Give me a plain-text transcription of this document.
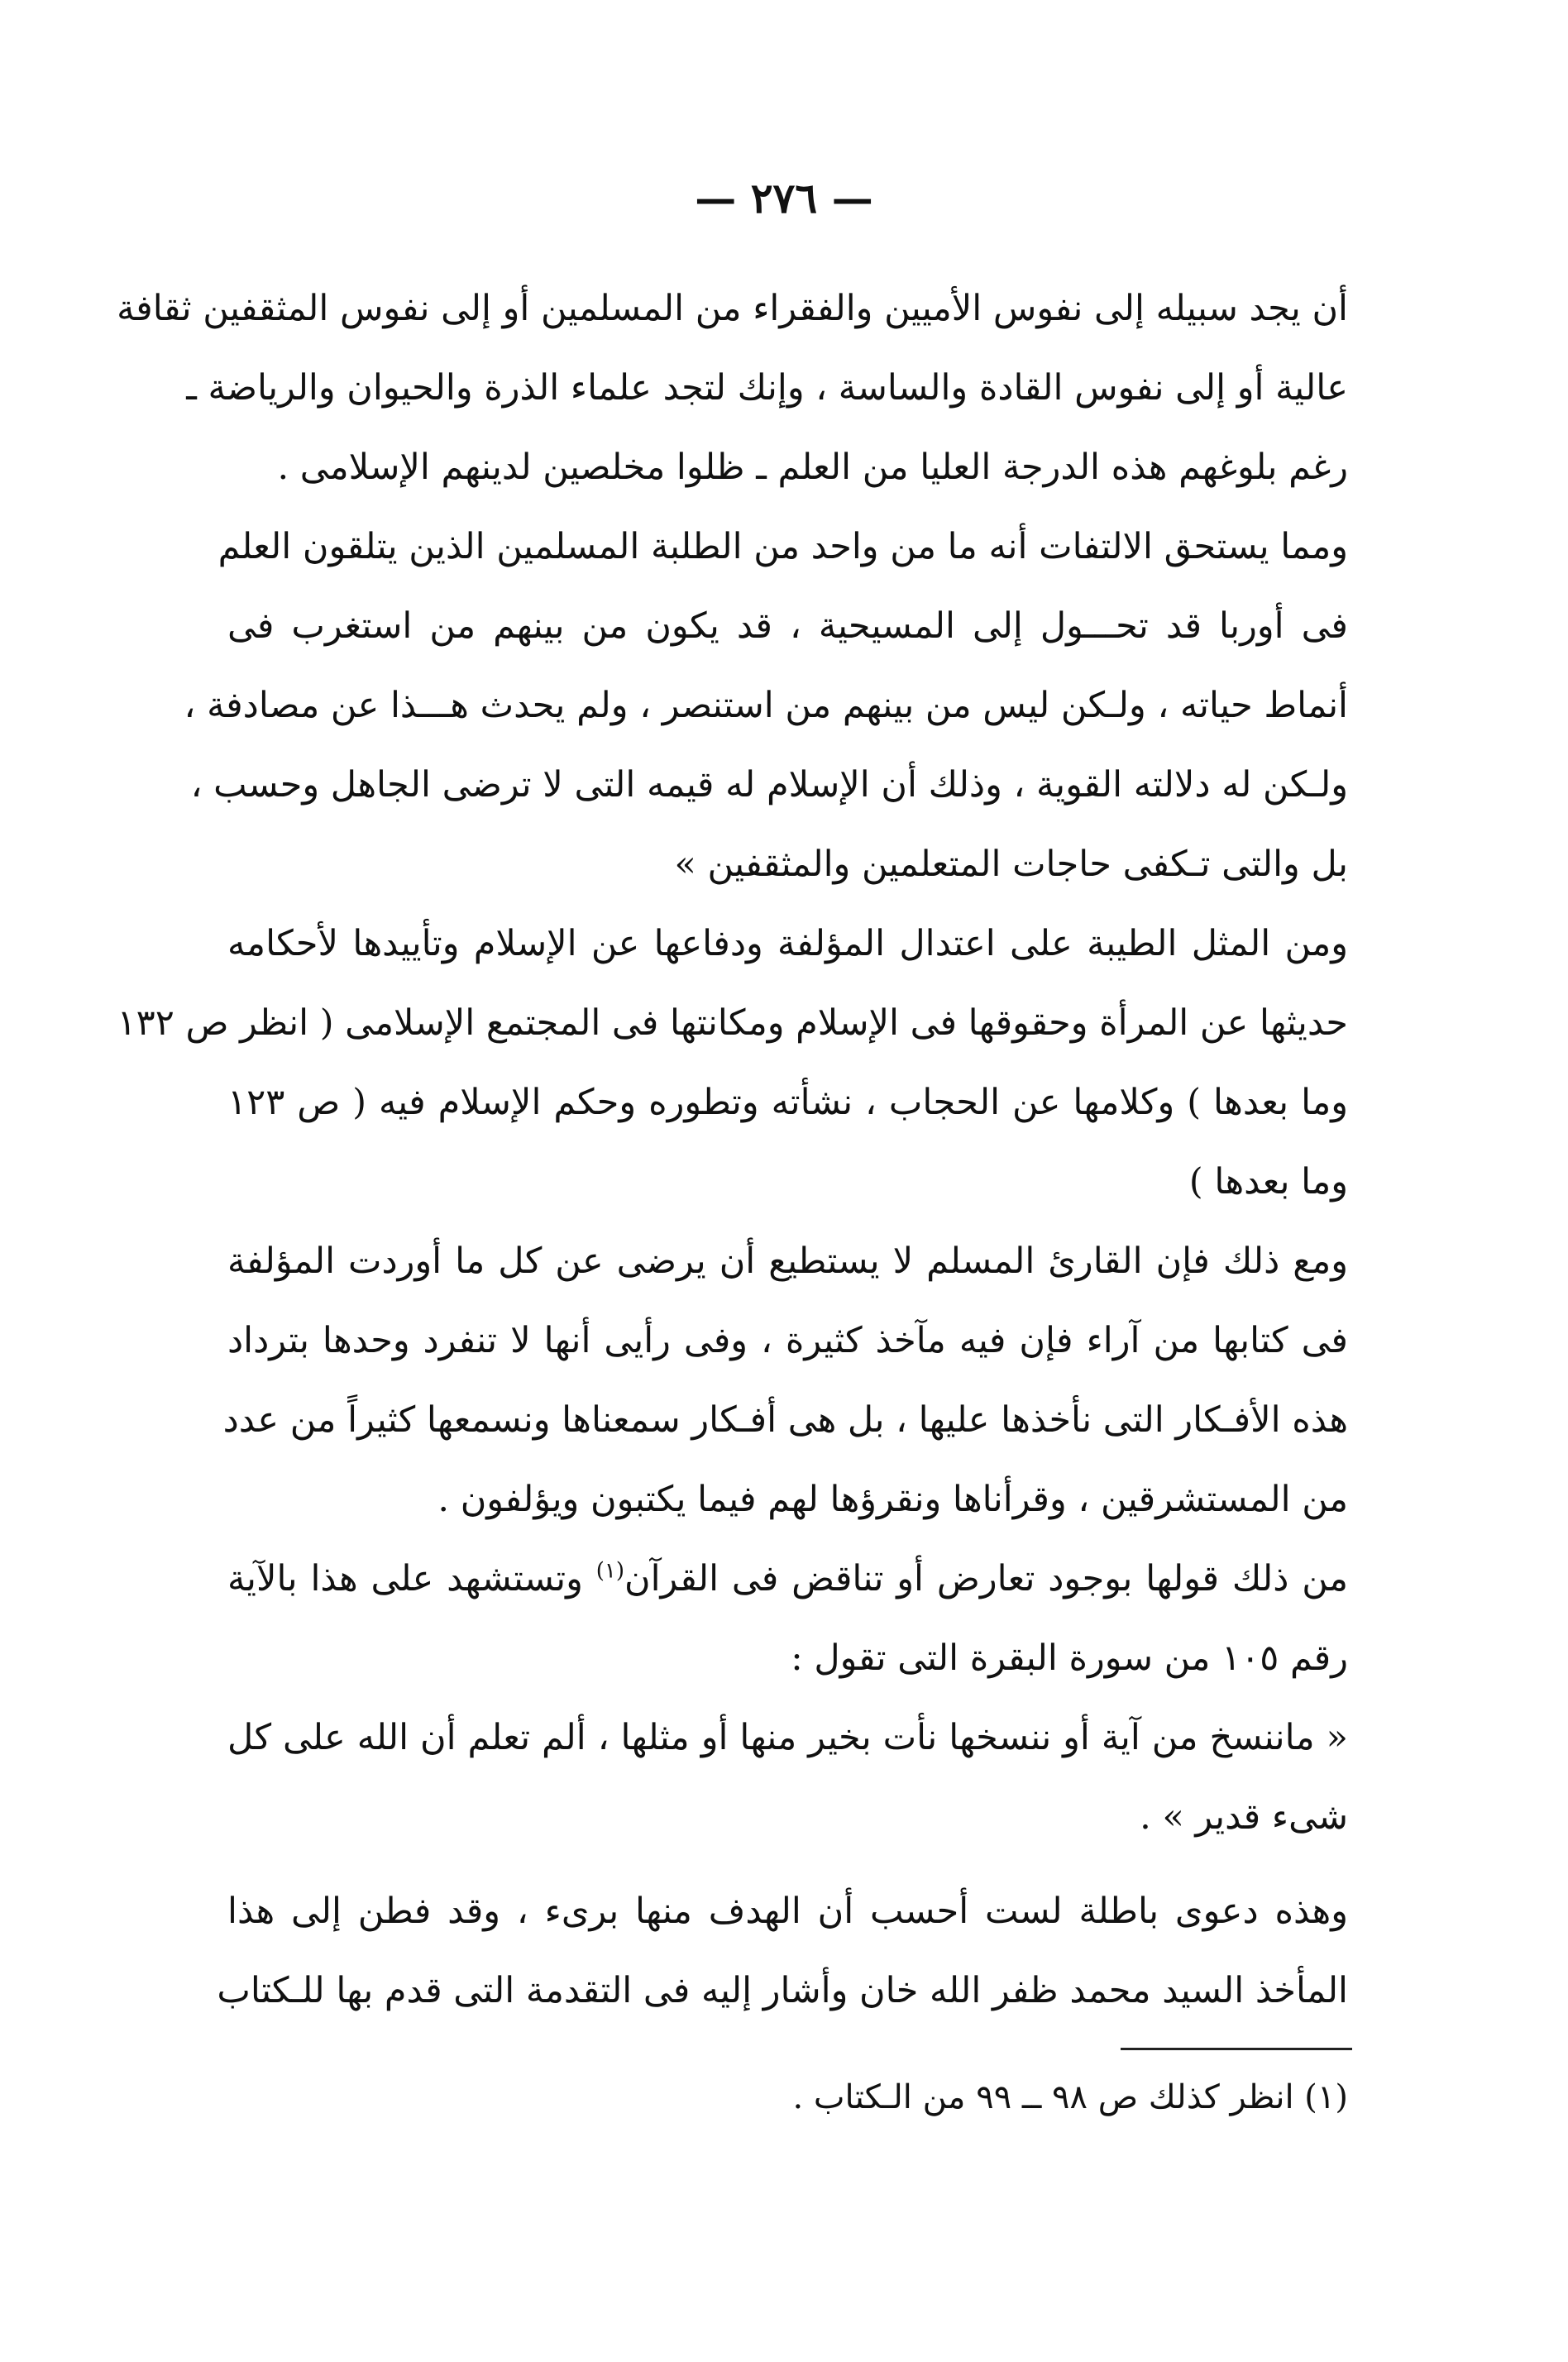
— ٢٧٦ —
أن يجد سبيله إلى نفوس الأميين والفقراء من المسلمين أو إلى نفوس المثقفين ثقافة
عالية أو إلى نفوس القادة والساسة ، وإنك لتجد علماء الذرة والحيوان والرياضة ـ
رغم بلوغهم هذه الدرجة العليا من العلم ـ ظلوا مخلصين لدينهم الإسلامى .
ومما يستحق الالتفات أنه ما من واحد من الطلبة المسلمين الذين يتلقون العلم
فى أوربا قد تحـــول إلى المسيحية ، قد يكون من بينهم من استغرب فى
أنماط حياته ، ولـكن ليس من بينهم من استنصر ، ولم يحدث هـــذا عن مصادفة ،
ولـكن له دلالته القوية ، وذلك أن الإسلام له قيمه التى لا ترضى الجاهل وحسب ،
بل والتى تـكفى حاجات المتعلمين والمثقفين »
ومن المثل الطيبة على اعتدال المؤلفة ودفاعها عن الإسلام وتأييدها لأحكامه
حديثها عن المرأة وحقوقها فى الإسلام ومكانتها فى المجتمع الإسلامى ( انظر ص ١٣٢
وما بعدها ) وكلامها عن الحجاب ، نشأته وتطوره وحكم الإسلام فيه ( ص ١٢٣
وما بعدها )
ومع ذلك فإن القارئ المسلم لا يستطيع أن يرضى عن كل ما أوردت المؤلفة
فى كتابها من آراء فإن فيه مآخذ كثيرة ، وفى رأيى أنها لا تنفرد وحدها بترداد
هذه الأفـكار التى نأخذها عليها ، بل هى أفـكار سمعناها ونسمعها كثيراً من عدد
من المستشرقين ، وقرأناها ونقرؤها لهم فيما يكتبون ويؤلفون .
من ذلك قولها بوجود تعارض أو تناقض فى القرآن$^{(١)}$ وتستشهد على هذا بالآية
رقم ١٠٥ من سورة البقرة التى تقول :
« ماننسخ من آية أو ننسخها نأت بخير منها أو مثلها ، ألم تعلم أن الله على كل
شىء قدير » .
وهذه دعوى باطلة لست أحسب أن الهدف منها برىء ، وقد فطن إلى هذا
المأخذ السيد محمد ظفر الله خان وأشار إليه فى التقدمة التى قدم بها للـكتاب
(١) انظر كذلك ص ٩٨ ــ ٩٩ من الـكتاب .
